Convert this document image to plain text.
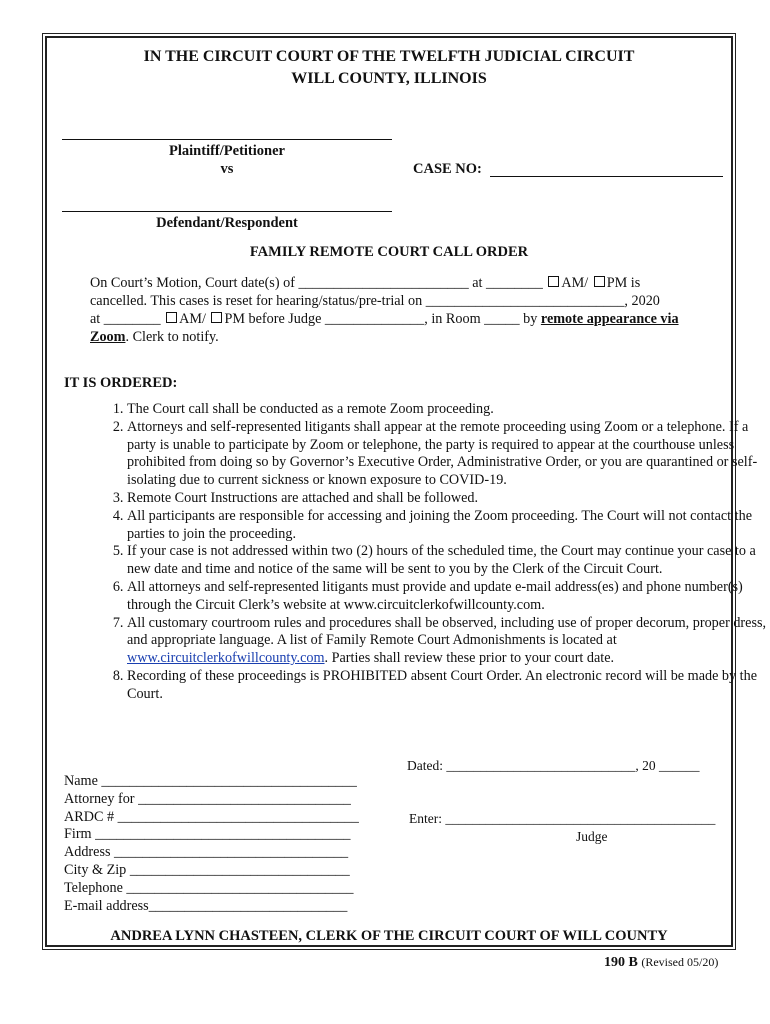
IN THE CIRCUIT COURT OF THE TWELFTH JUDICIAL CIRCUIT
WILL COUNTY, ILLINOIS
Plaintiff/Petitioner
vs	CASE NO:
Defendant/Respondent
FAMILY REMOTE COURT CALL ORDER
On Court’s Motion, Court date(s) of ________________________ at ________ AM/ PM is
cancelled. This cases is reset for hearing/status/pre-trial on ____________________________, 2020
at ________ AM/ PM before Judge ______________, in Room _____ by remote appearance via
Zoom. Clerk to notify.
IT IS ORDERED:
1. The Court call shall be conducted as a remote Zoom proceeding.
2. Attorneys and self-represented litigants shall appear at the remote proceeding using Zoom or a telephone. If a party is unable to participate by Zoom or telephone, the party is required to appear at the courthouse unless prohibited from doing so by Governor’s Executive Order, Administrative Order, or you are quarantined or self-isolating due to current sickness or known exposure to COVID-19.
3. Remote Court Instructions are attached and shall be followed.
4. All participants are responsible for accessing and joining the Zoom proceeding. The Court will not contact the parties to join the proceeding.
5. If your case is not addressed within two (2) hours of the scheduled time, the Court may continue your case to a new date and time and notice of the same will be sent to you by the Clerk of the Circuit Court.
6. All attorneys and self-represented litigants must provide and update e-mail address(es) and phone number(s) through the Circuit Clerk’s website at www.circuitclerkofwillcounty.com.
7. All customary courtroom rules and procedures shall be observed, including use of proper decorum, proper dress, and appropriate language. A list of Family Remote Court Admonishments is located at www.circuitclerkofwillcounty.com. Parties shall review these prior to your court date.
8. Recording of these proceedings is PROHIBITED absent Court Order. An electronic record will be made by the Court.
Dated: ____________________________, 20 ______
Enter: ________________________________________
Judge
Name ____________________________________
Attorney for ______________________________
ARDC # __________________________________
Firm ____________________________________
Address _________________________________
City & Zip _______________________________
Telephone ________________________________
E-mail address____________________________
ANDREA LYNN CHASTEEN, CLERK OF THE CIRCUIT COURT OF WILL COUNTY
190 B (Revised 05/20)
